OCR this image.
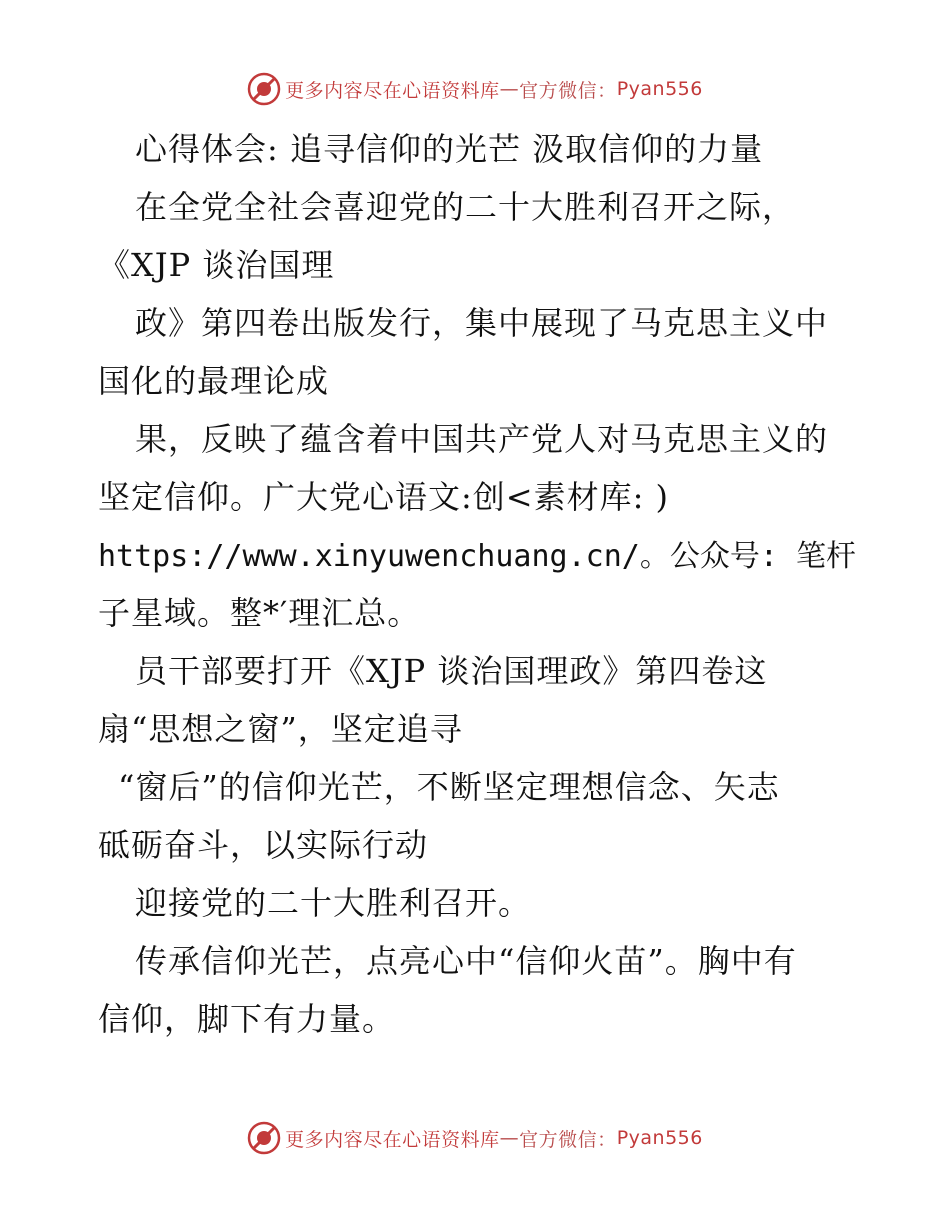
更多内容尽在心语资料库 — 官方微信： Pyan556
心得体会: 追寻信仰的光芒 汲取信仰的力量
在全党全社会喜迎党的二十大胜利召开之际，
《XJP 谈治国理
政》第四卷出版发行，集中展现了马克思主义中
国化的最理论成
果，反映了蕴含着中国共产党人对马克思主义的
坚定信仰。广大党心语文:创<素材库: )
https://www.xinyuwenchuang.cn/。公众号: 笔杆
子星域。整*′理汇总。
员干部要打开《XJP 谈治国理政》第四卷这
扇“思想之窗”，坚定追寻
“窗后”的信仰光芒，不断坚定理想信念、矢志
砥砺奋斗，以实际行动
迎接党的二十大胜利召开。
传承信仰光芒，点亮心中“信仰火苗”。胸中有
信仰，脚下有力量。
更多内容尽在心语资料库 — 官方微信： Pyan556
